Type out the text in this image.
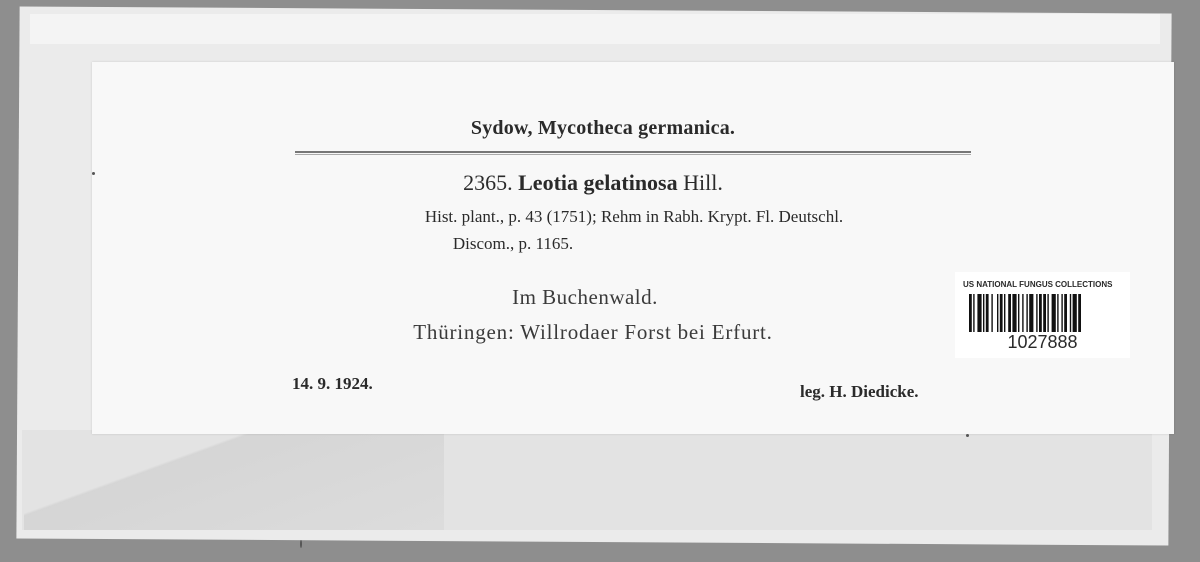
Sydow, Mycotheca germanica.
2365. Leotia gelatinosa Hill.
Hist. plant., p. 43 (1751); Rehm in Rabh. Krypt. Fl. Deutschl.
Discom., p. 1165.
Im Buchenwald.
Thüringen: Willrodaer Forst bei Erfurt.
14. 9. 1924.	leg. H. Diedicke.
US NATIONAL FUNGUS COLLECTIONS
1027888
